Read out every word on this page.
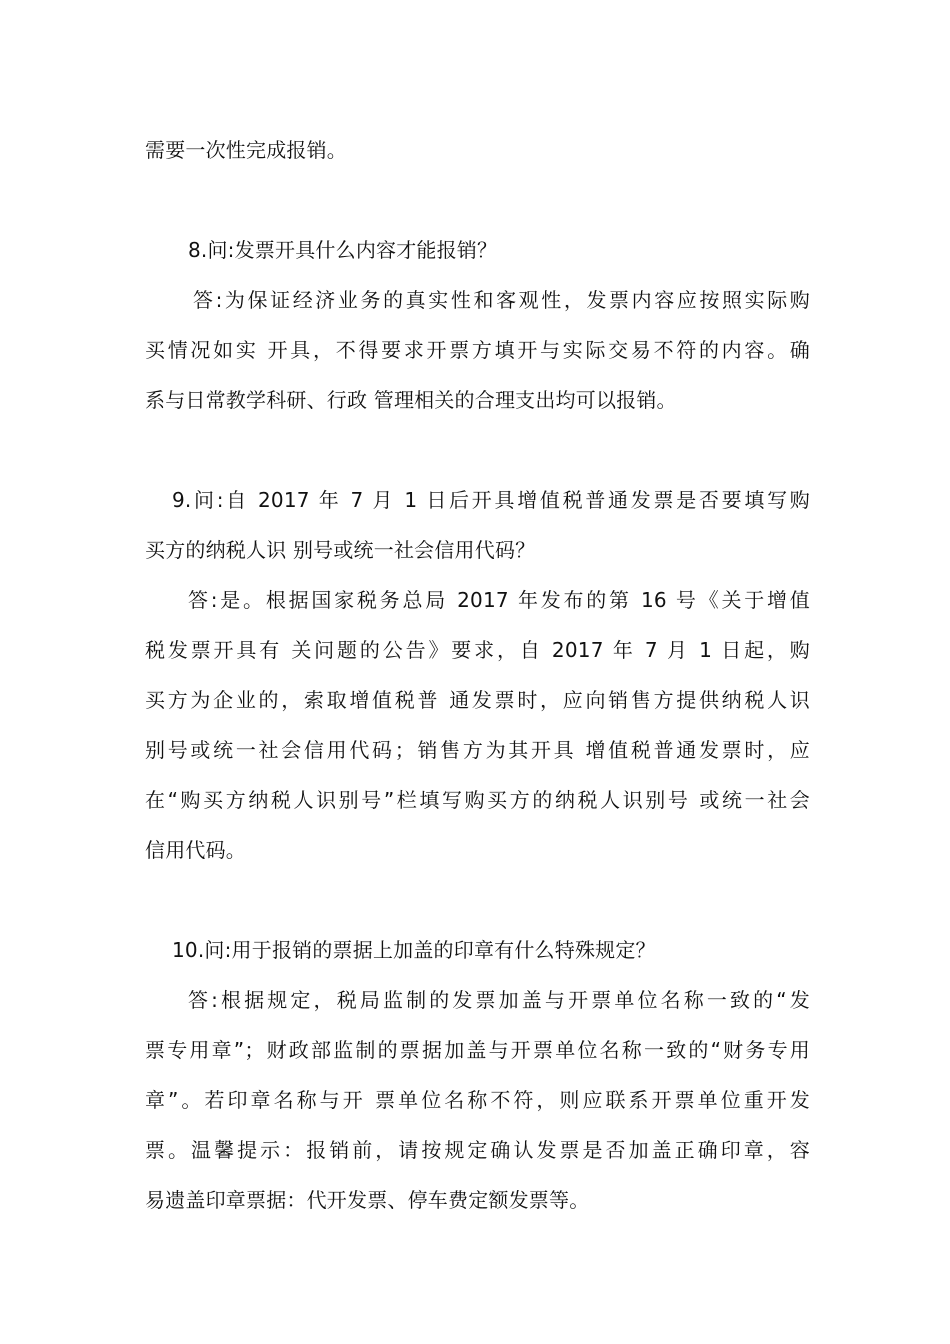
需要一次性完成报销。
8.问:发票开具什么内容才能报销？
答:为保证经济业务的真实性和客观性，发票内容应按照实际购
买情况如实 开具，不得要求开票方填开与实际交易不符的内容。确
系与日常教学科研、行政 管理相关的合理支出均可以报销。
9.问:自 2017 年 7 月 1 日后开具增值税普通发票是否要填写购
买方的纳税人识 别号或统一社会信用代码？
答:是。根据国家税务总局 2017 年发布的第 16 号《关于增值
税发票开具有 关问题的公告》要求，自 2017 年 7 月 1 日起，购
买方为企业的，索取增值税普 通发票时，应向销售方提供纳税人识
别号或统一社会信用代码；销售方为其开具 增值税普通发票时，应
在“购买方纳税人识别号”栏填写购买方的纳税人识别号 或统一社会
信用代码。
10.问:用于报销的票据上加盖的印章有什么特殊规定？
答:根据规定，税局监制的发票加盖与开票单位名称一致的“发
票专用章”；财政部监制的票据加盖与开票单位名称一致的“财务专用
章”。若印章名称与开 票单位名称不符，则应联系开票单位重开发
票。温馨提示：报销前，请按规定确认发票是否加盖正确印章，容
易遗盖印章票据：代开发票、停车费定额发票等。
